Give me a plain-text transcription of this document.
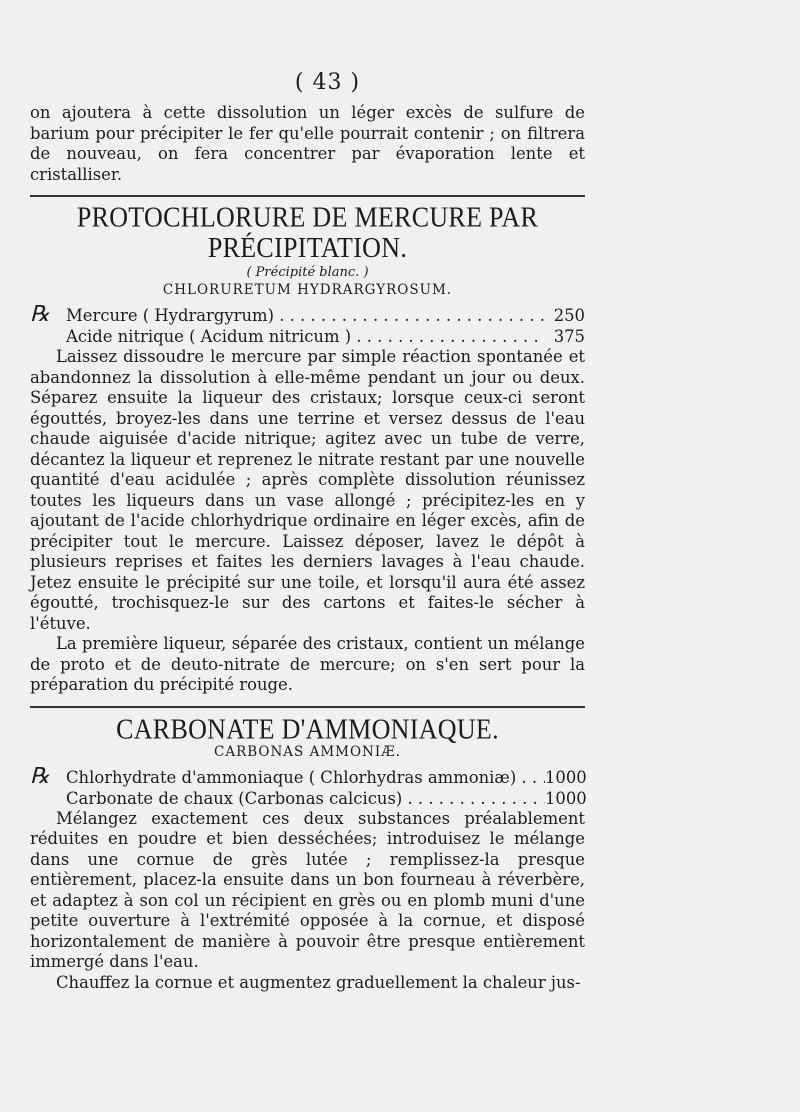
( 43 )

on ajoutera à cette dissolution un léger excès de sulfure de barium pour précipiter le fer qu'elle pourrait contenir ; on filtrera de nouveau, on fera concentrer par évaporation lente et cristalliser.

PROTOCHLORURE DE MERCURE PAR PRÉCIPITATION.
( Précipité blanc. )
CHLORURETUM HYDRARGYROSUM.
℞ Mercure ( Hydrargyrum) . . .	250
Acide nitrique ( Acidum nitricum ) . . .	375

Laissez dissoudre le mercure par simple réaction spontanée et abandonnez la dissolution à elle-même pendant un jour ou deux. Séparez ensuite la liqueur des cristaux; lorsque ceux-ci seront égouttés, broyez-les dans une terrine et versez dessus de l'eau chaude aiguisée d'acide nitrique; agitez avec un tube de verre, décantez la liqueur et reprenez le nitrate restant par une nouvelle quantité d'eau acidulée ; après complète dissolution réunissez toutes les liqueurs dans un vase allongé ; précipitez-les en y ajoutant de l'acide chlorhydrique ordinaire en léger excès, afin de précipiter tout le mercure. Laissez déposer, lavez le dépôt à plusieurs reprises et faites les derniers lavages à l'eau chaude. Jetez ensuite le précipité sur une toile, et lorsqu'il aura été assez égoutté, trochisquez-le sur des cartons et faites-le sécher à l'étuve.

La première liqueur, séparée des cristaux, contient un mélange de proto et de deuto-nitrate de mercure; on s'en sert pour la préparation du précipité rouge.

CARBONATE D'AMMONIAQUE.
CARBONAS AMMONIÆ.
℞ Chlorhydrate d'ammoniaque ( Chlorhydras ammoniæ) . . .	1000
Carbonate de chaux (Carbonas calcicus) . . .	1000

Mélangez exactement ces deux substances préalablement réduites en poudre et bien desséchées; introduisez le mélange dans une cornue de grès lutée ; remplissez-la presque entièrement, placez-la ensuite dans un bon fourneau à réverbère, et adaptez à son col un récipient en grès ou en plomb muni d'une petite ouverture à l'extrémité opposée à la cornue, et disposé horizontalement de manière à pouvoir être presque entièrement immergé dans l'eau.

Chauffez la cornue et augmentez graduellement la chaleur jus-
